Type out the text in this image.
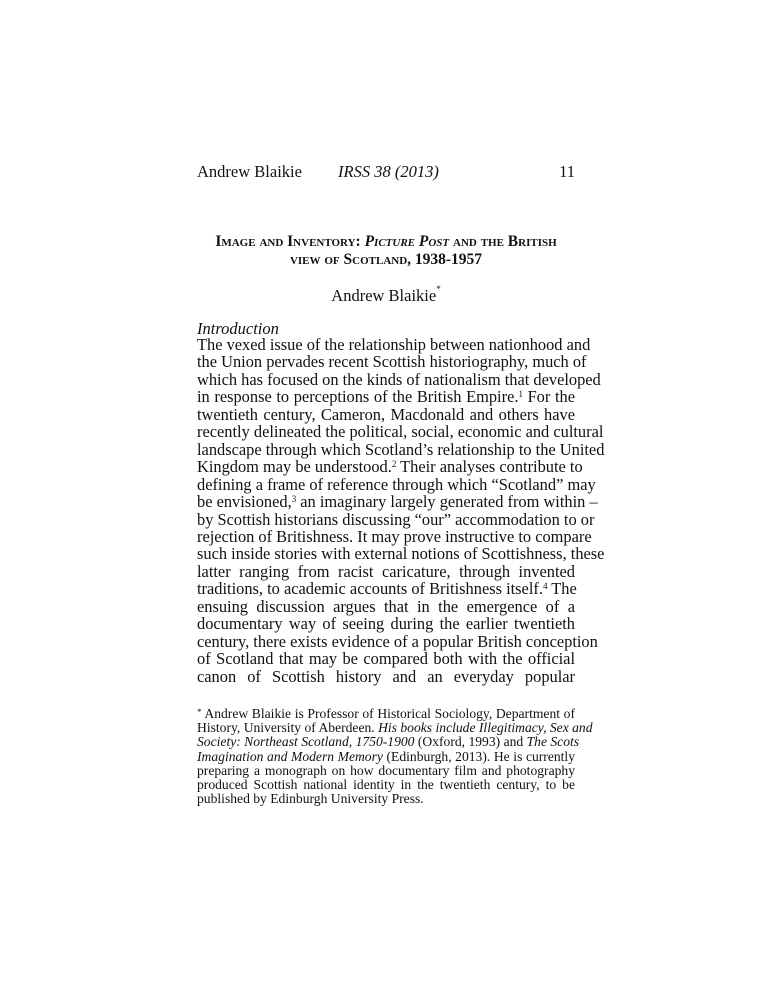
Andrew Blaikie IRSS 38 (2013)	11
Image and Inventory: Picture Post and the British
view of Scotland, 1938-1957
Andrew Blaikie*
Introduction
The vexed issue of the relationship between nationhood and
the Union pervades recent Scottish historiography, much of
which has focused on the kinds of nationalism that developed
in response to perceptions of the British Empire.$^1$ For the
twentieth century, Cameron, Macdonald and others have
recently delineated the political, social, economic and cultural
landscape through which Scotland’s relationship to the United
Kingdom may be understood.$^2$ Their analyses contribute to
defining a frame of reference through which “Scotland” may
be envisioned,$^3$ an imaginary largely generated from within –
by Scottish historians discussing “our” accommodation to or
rejection of Britishness. It may prove instructive to compare
such inside stories with external notions of Scottishness, these
latter ranging from racist caricature, through invented
traditions, to academic accounts of Britishness itself.$^4$ The
ensuing discussion argues that in the emergence of a
documentary way of seeing during the earlier twentieth
century, there exists evidence of a popular British conception
of Scotland that may be compared both with the official
canon of Scottish history and an everyday popular
* Andrew Blaikie is Professor of Historical Sociology, Department of
History, University of Aberdeen. His books include Illegitimacy, Sex and
Society: Northeast Scotland, 1750-1900 (Oxford, 1993) and The Scots
Imagination and Modern Memory (Edinburgh, 2013). He is currently
preparing a monograph on how documentary film and photography
produced Scottish national identity in the twentieth century, to be
published by Edinburgh University Press.
